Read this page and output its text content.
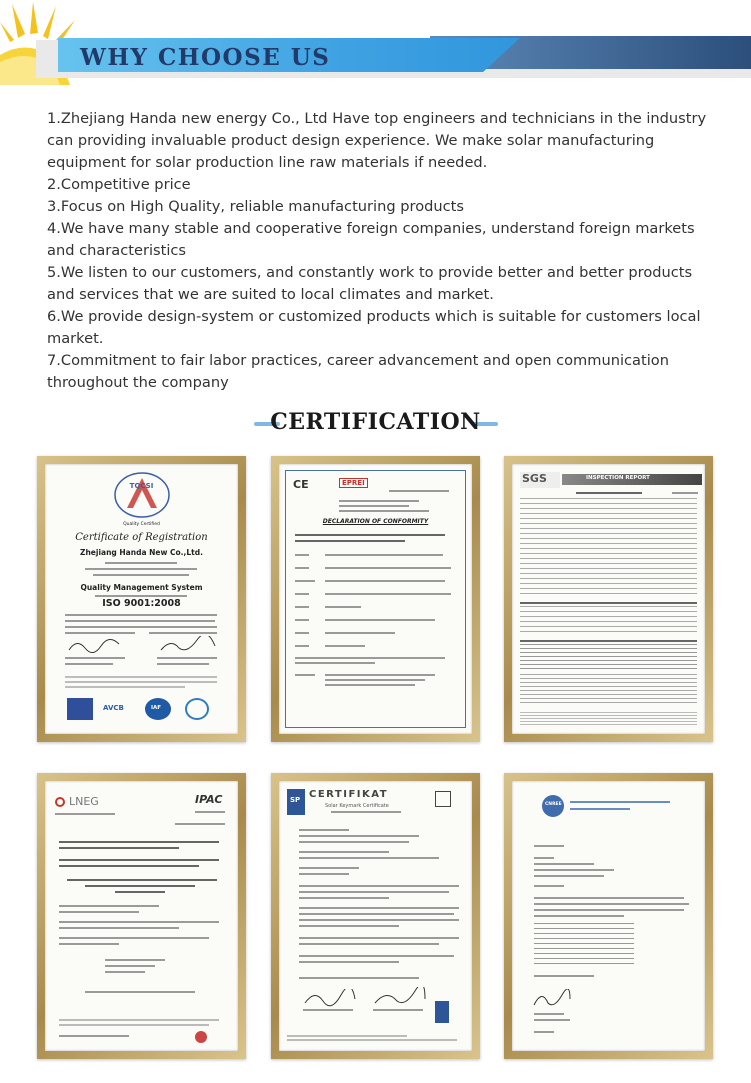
WHY CHOOSE US
1.Zhejiang Handa new energy Co., Ltd Have top engineers and technicians in the industry can providing invaluable product design experience. We make solar manufacturing equipment for solar production line raw materials if needed.
2.Competitive price
3.Focus on High Quality, reliable manufacturing products
4.We have many stable and cooperative foreign companies, understand foreign markets and characteristics
5.We listen to our customers, and constantly work to provide better and better products and services that we are suited to local climates and market.
6.We provide design-system or customized products which is suitable for customers local market.
7.Commitment to fair labor practices, career advancement and open communication throughout the company
CERTIFICATION
TQCSI
Quality Certified
Certificate of Registration
Zhejiang Handa New Co.,Ltd.
Quality Management System
ISO 9001:2008
AVCB	IAF
CE	EPREI
DECLARATION OF CONFORMITY
SGS	INSPECTION REPORT
LNEG	IPAC	SP CERTIFIKAT
Solar Keymark Certificate	CNREE
